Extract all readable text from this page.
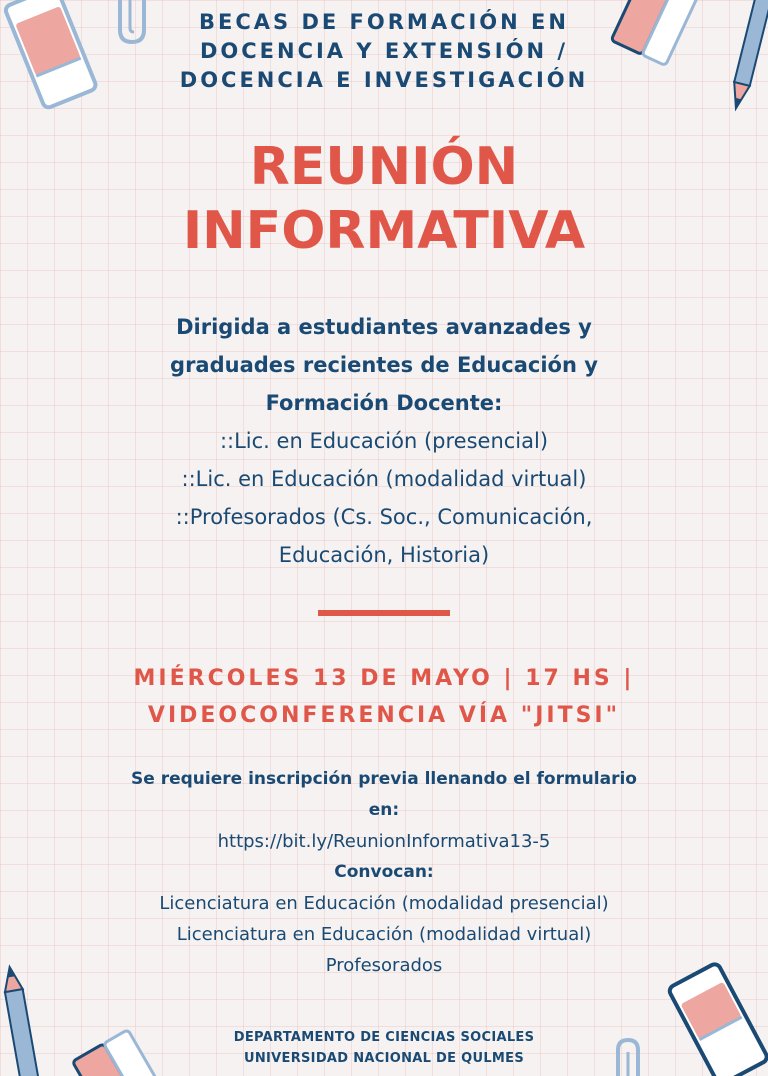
BECAS DE FORMACIÓN EN
DOCENCIA Y EXTENSIÓN /
DOCENCIA E INVESTIGACIÓN
REUNIÓN
INFORMATIVA
Dirigida a estudiantes avanzades y
graduades recientes de Educación y
Formación Docente:
::Lic. en Educación (presencial)
::Lic. en Educación (modalidad virtual)
::Profesorados (Cs. Soc., Comunicación,
Educación, Historia)
MIÉRCOLES 13 DE MAYO | 17 HS |
VIDEOCONFERENCIA VÍA "JITSI"
Se requiere inscripción previa llenando el formulario
en:
https://bit.ly/ReunionInformativa13-5
Convocan:
Licenciatura en Educación (modalidad presencial)
Licenciatura en Educación (modalidad virtual)
Profesorados
DEPARTAMENTO DE CIENCIAS SOCIALES
UNIVERSIDAD NACIONAL DE QULMES
